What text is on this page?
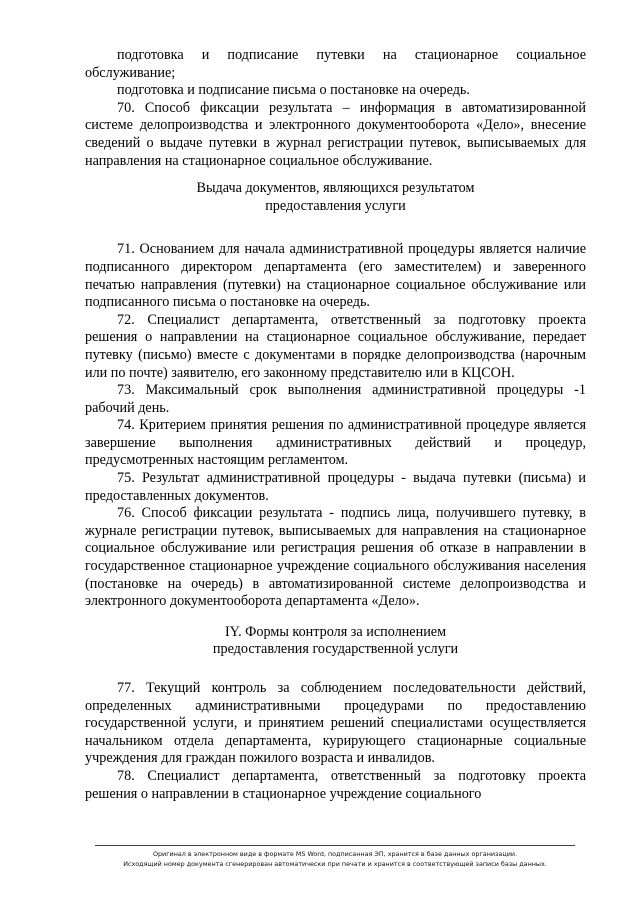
подготовка и подписание путевки на стационарное социальное обслуживание;

подготовка и подписание письма о постановке на очередь.

70. Способ фиксации результата – информация в автоматизированной системе делопроизводства и электронного документооборота «Дело», внесение сведений о выдаче путевки в журнал регистрации путевок, выписываемых для направления на стационарное социальное обслуживание.

Выдача документов, являющихся результатом
предоставления услуги

71. Основанием для начала административной процедуры является наличие подписанного директором департамента (его заместителем) и заверенного печатью направления (путевки) на стационарное социальное обслуживание или подписанного письма о постановке на очередь.

72. Специалист департамента, ответственный за подготовку проекта решения о направлении на стационарное социальное обслуживание, передает путевку (письмо) вместе с документами в порядке делопроизводства (нарочным или по почте) заявителю, его законному представителю или в КЦСОН.

73. Максимальный срок выполнения административной процедуры -1 рабочий день.

74. Критерием принятия решения по административной процедуре является завершение выполнения административных действий и процедур, предусмотренных настоящим регламентом.

75. Результат административной процедуры - выдача путевки (письма) и предоставленных документов.

76. Способ фиксации результата - подпись лица, получившего путевку, в журнале регистрации путевок, выписываемых для направления на стационарное социальное обслуживание или регистрация решения об отказе в направлении в государственное стационарное учреждение социального обслуживания населения (постановке на очередь) в автоматизированной системе делопроизводства и электронного документооборота департамента «Дело».

IY. Формы контроля за исполнением
предоставления государственной услуги

77. Текущий контроль за соблюдением последовательности действий, определенных административными процедурами по предоставлению государственной услуги, и принятием решений специалистами осуществляется начальником отдела департамента, курирующего стационарные социальные учреждения для граждан пожилого возраста и инвалидов.

78. Специалист департамента, ответственный за подготовку проекта решения о направлении в стационарное учреждение социального

Оригинал в электронном виде в формате MS Word, подписанная ЭП, хранится в базе данных организации.
Исходящий номер документа сгенерирован автоматически при печати и хранится в соответствующей записи базы данных.
